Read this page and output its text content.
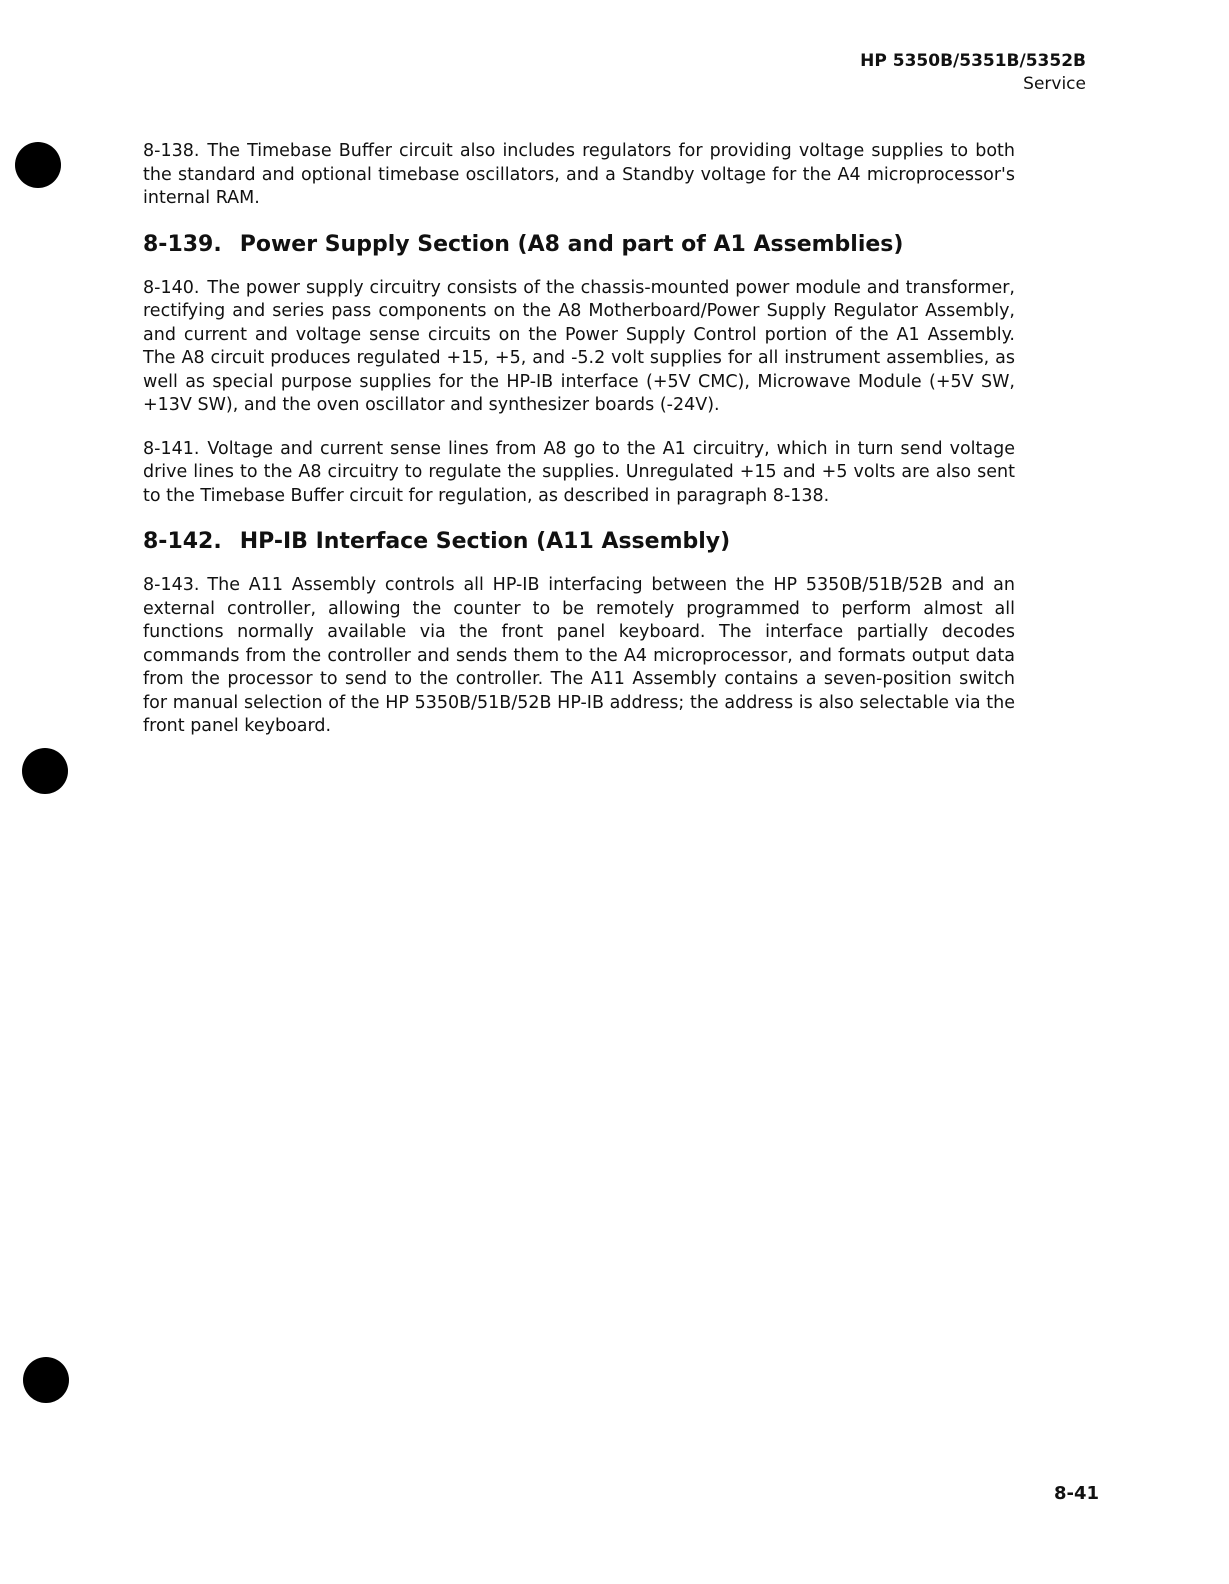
HP 5350B/5351B/5352B
Service

8-138. The Timebase Buffer circuit also includes regulators for providing voltage supplies to both the standard and optional timebase oscillators, and a Standby voltage for the A4 microprocessor's internal RAM.

8-139. Power Supply Section (A8 and part of A1 Assemblies)

8-140. The power supply circuitry consists of the chassis-mounted power module and transformer, rectifying and series pass components on the A8 Motherboard/Power Supply Regulator Assembly, and current and voltage sense circuits on the Power Supply Control portion of the A1 Assembly. The A8 circuit produces regulated +15, +5, and -5.2 volt supplies for all instrument assemblies, as well as special purpose supplies for the HP-IB interface (+5V CMC), Microwave Module (+5V SW, +13V SW), and the oven oscillator and synthesizer boards (-24V).

8-141. Voltage and current sense lines from A8 go to the A1 circuitry, which in turn send voltage drive lines to the A8 circuitry to regulate the supplies. Unregulated +15 and +5 volts are also sent to the Timebase Buffer circuit for regulation, as described in paragraph 8-138.

8-142. HP-IB Interface Section (A11 Assembly)

8-143. The A11 Assembly controls all HP-IB interfacing between the HP 5350B/51B/52B and an external controller, allowing the counter to be remotely programmed to perform almost all functions normally available via the front panel keyboard. The interface partially decodes commands from the controller and sends them to the A4 microprocessor, and formats output data from the processor to send to the controller. The A11 Assembly contains a seven-position switch for manual selection of the HP 5350B/51B/52B HP-IB address; the address is also selectable via the front panel keyboard.

8-41
